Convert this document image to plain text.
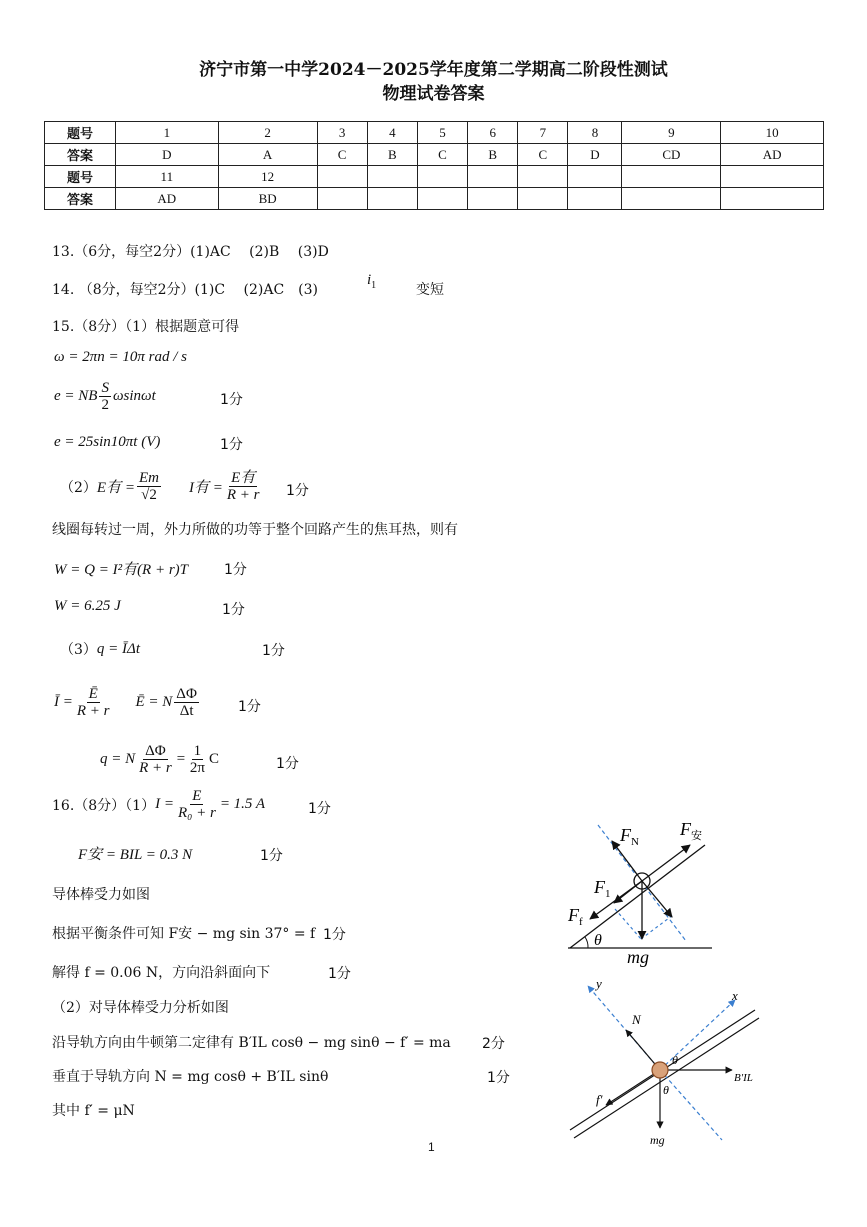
济宁市第一中学2024－2025学年度第二学期高二阶段性测试
物理试卷答案
题号	1	2	3	4	5	6	7	8	9	10
答案	D	A	C	B	C	B	C	D	CD	AD
题号	11	12								
答案	AD	BD								
13.（6分，每空2分）(1)AC　 (2)B　 (3)D
14. （8分，每空2分）(1)C　 (2)AC　(3)
$i_1$	变短
15.（8分）（1）根据题意可得
ω = 2πn = 10π rad / s
e = NB $\frac{S}{2}$ ωsinωt	1分
e = 25sin10πt (V)	1分
（2） E有 = $\frac{Em}{√2}$ I有 = $\frac{\text{E有}}{R + r} 1$分
线圈每转过一周，外力所做的功等于整个回路产生的焦耳热，则有
W = Q = I²有(R + r)T	1分
W = 6.25 J	1分
（3） q = ĪΔt	1分
Ī = $\frac{Ē}{R + r}$ Ē = N $\frac{\Delta\Phi}{\Delta t}$	1分
q = N $\frac{\Delta\Phi}{R + r} = \frac{1}{2\pi}$ C	1分
16.（8分）（1） $I = \frac{E}{\text{R₀ + r}} = 1.5$ A	1分
F安 = BIL = 0.3 N	1分
导体棒受力如图
根据平衡条件可知 F安 − mg sin 37° = f 1分
解得 f = 0.06 N，方向沿斜面向下	1分
（2）对导体棒受力分析如图
沿导轨方向由牛顿第二定律有 B′IL cosθ − mg sinθ − f′ = ma 2分
垂直于导轨方向 N = mg cosθ + B′IL sinθ	1分
其中 f′ = μN
1
$F_N$
$F_安$
$F_1$
$F_f$
θ
mg
y
x
N
θ
θ
B′IL
f′
mg
